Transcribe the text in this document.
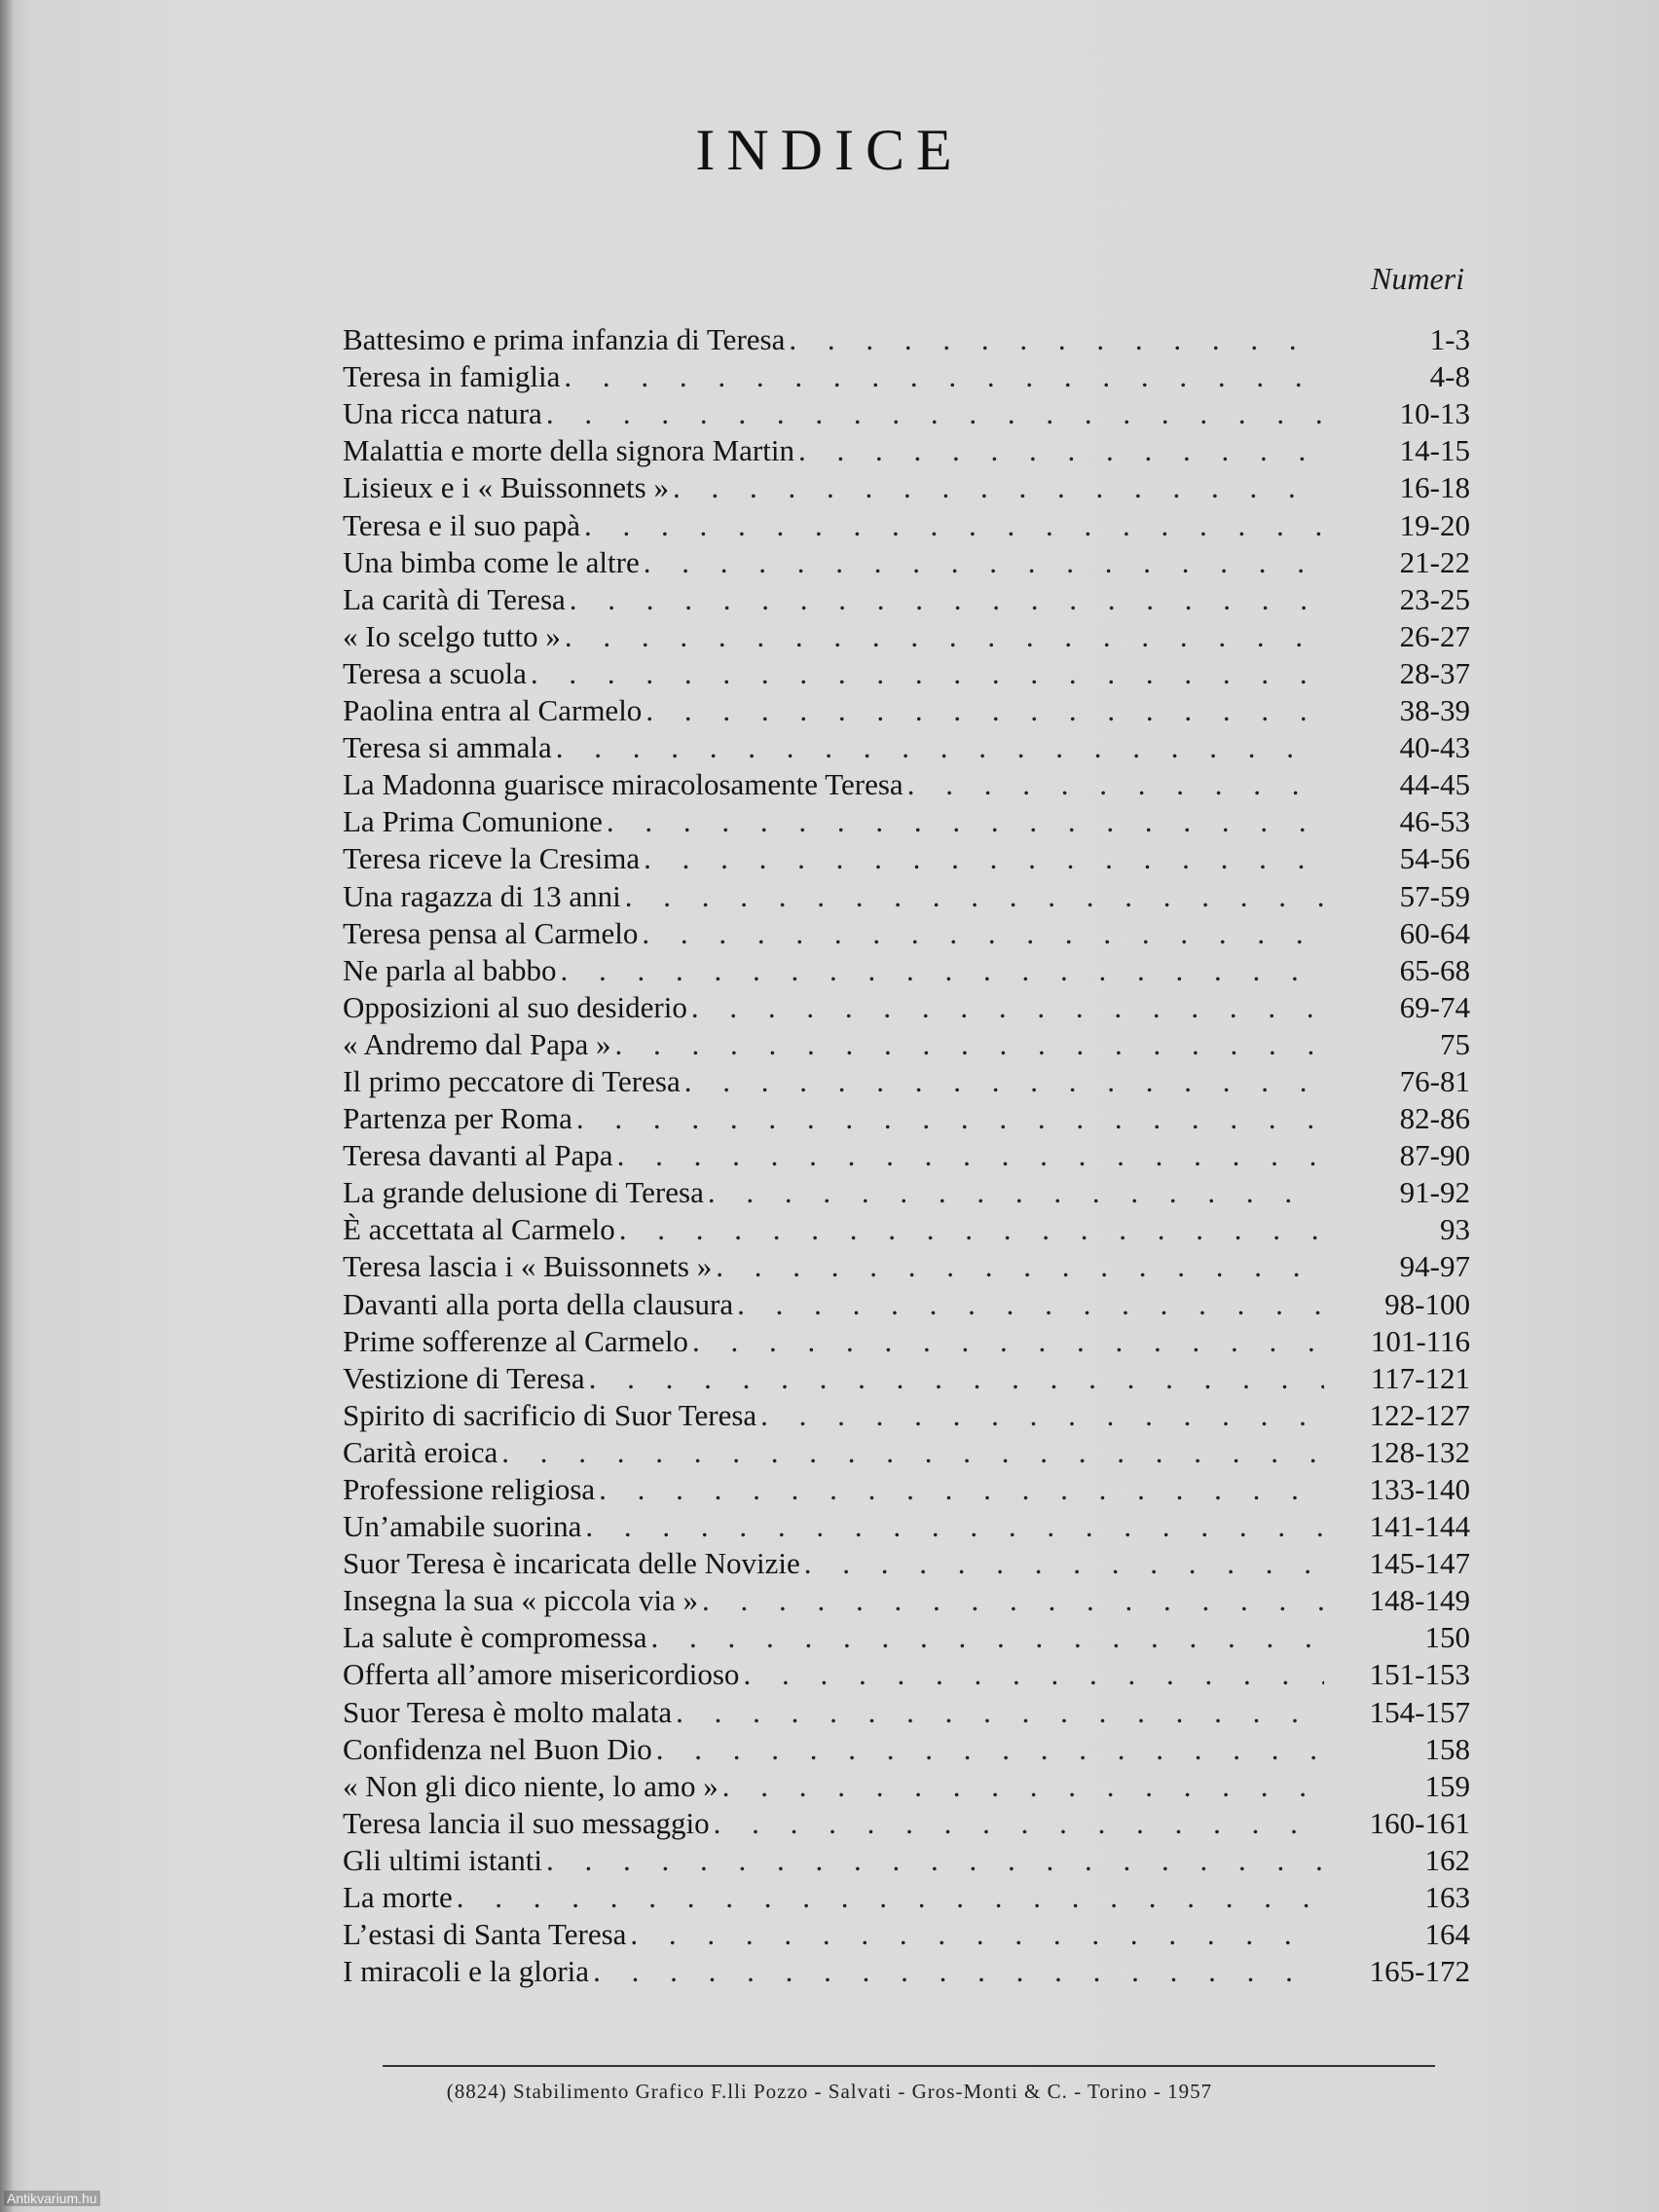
INDICE
Numeri
Battesimo e prima infanzia di Teresa . . .	1-3
Teresa in famiglia . . .	4-8
Una ricca natura . . .	10-13
Malattia e morte della signora Martin . . .	14-15
Lisieux e i « Buissonnets » . . .	16-18
Teresa e il suo papà . . .	19-20
Una bimba come le altre . . .	21-22
La carità di Teresa . . .	23-25
« Io scelgo tutto » . . .	26-27
Teresa a scuola . . .	28-37
Paolina entra al Carmelo . . .	38-39
Teresa si ammala . . .	40-43
La Madonna guarisce miracolosamente Teresa . . .	44-45
La Prima Comunione . . .	46-53
Teresa riceve la Cresima . . .	54-56
Una ragazza di 13 anni . . .	57-59
Teresa pensa al Carmelo . . .	60-64
Ne parla al babbo . . .	65-68
Opposizioni al suo desiderio . . .	69-74
« Andremo dal Papa » . . .	75
Il primo peccatore di Teresa . . .	76-81
Partenza per Roma . . .	82-86
Teresa davanti al Papa . . .	87-90
La grande delusione di Teresa . . .	91-92
È accettata al Carmelo . . .	93
Teresa lascia i « Buissonnets » . . .	94-97
Davanti alla porta della clausura . . .	98-100
Prime sofferenze al Carmelo . . .	101-116
Vestizione di Teresa . . .	117-121
Spirito di sacrificio di Suor Teresa . . .	122-127
Carità eroica . . .	128-132
Professione religiosa . . .	133-140
Un’amabile suorina . . .	141-144
Suor Teresa è incaricata delle Novizie . . .	145-147
Insegna la sua « piccola via » . . .	148-149
La salute è compromessa . . .	150
Offerta all’amore misericordioso . . .	151-153
Suor Teresa è molto malata . . .	154-157
Confidenza nel Buon Dio . . .	158
« Non gli dico niente, lo amo » . . .	159
Teresa lancia il suo messaggio . . .	160-161
Gli ultimi istanti . . .	162
La morte . . .	163
L’estasi di Santa Teresa . . .	164
I miracoli e la gloria . . .	165-172
(8824) Stabilimento Grafico F.lli Pozzo - Salvati - Gros-Monti & C. - Torino - 1957
Antikvarium.hu
